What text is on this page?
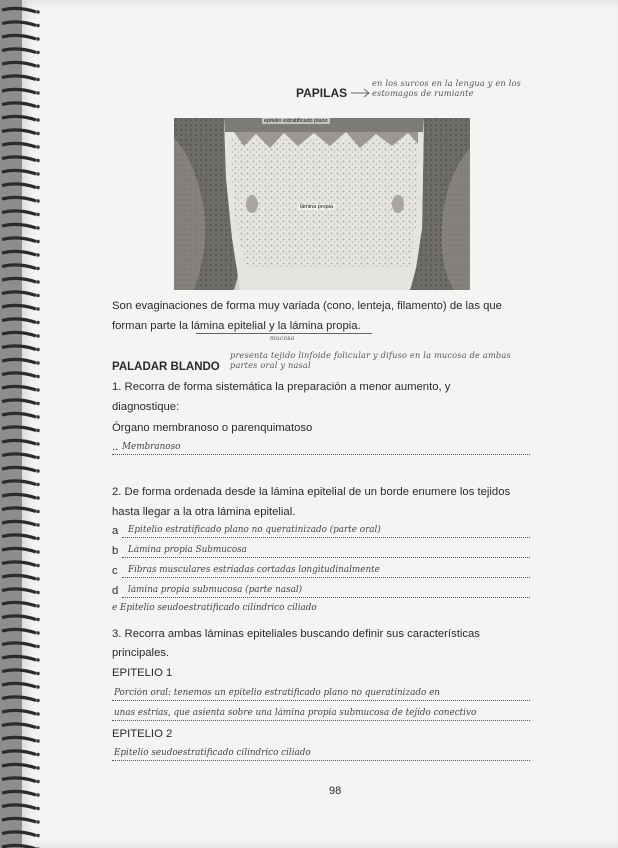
PAPILAS
en los surcos en la lengua y en los estomagos de rumiante
epitelio estratificado plano
lámina propia
Son evaginaciones de forma muy variada (cono, lenteja, filamento) de las que
forman parte la lámina epitelial y la lámina propia.
mucosa
PALADAR BLANDO
presenta tejido linfoide folicular y difuso en la mucosa de ambas partes oral y nasal
1. Recorra de forma sistemática la preparación a menor aumento, y
diagnostique:
Órgano membranoso o parenquimatoso
.. Membranoso
2. De forma ordenada desde la lámina epitelial de un borde enumere los tejidos
hasta llegar a la otra lámina epitelial.
a Epitelio estratificado plano no queratinizado (parte oral)
b Lámina propia Submucosa
c Fibras musculares estriadas cortadas longitudinalmente
d lámina propia submucosa (parte nasal)
e Epitelio seudoestratificado cilíndrico ciliado
3. Recorra ambas láminas epiteliales buscando definir sus características
principales.
EPITELIO 1
Porción oral: tenemos un epitelio estratificado plano no queratinizado en
unas estrías, que asienta sobre una lámina propia submucosa de tejido conectivo
EPITELIO 2
Epitelio seudoestratificado cilíndrico ciliado
98
